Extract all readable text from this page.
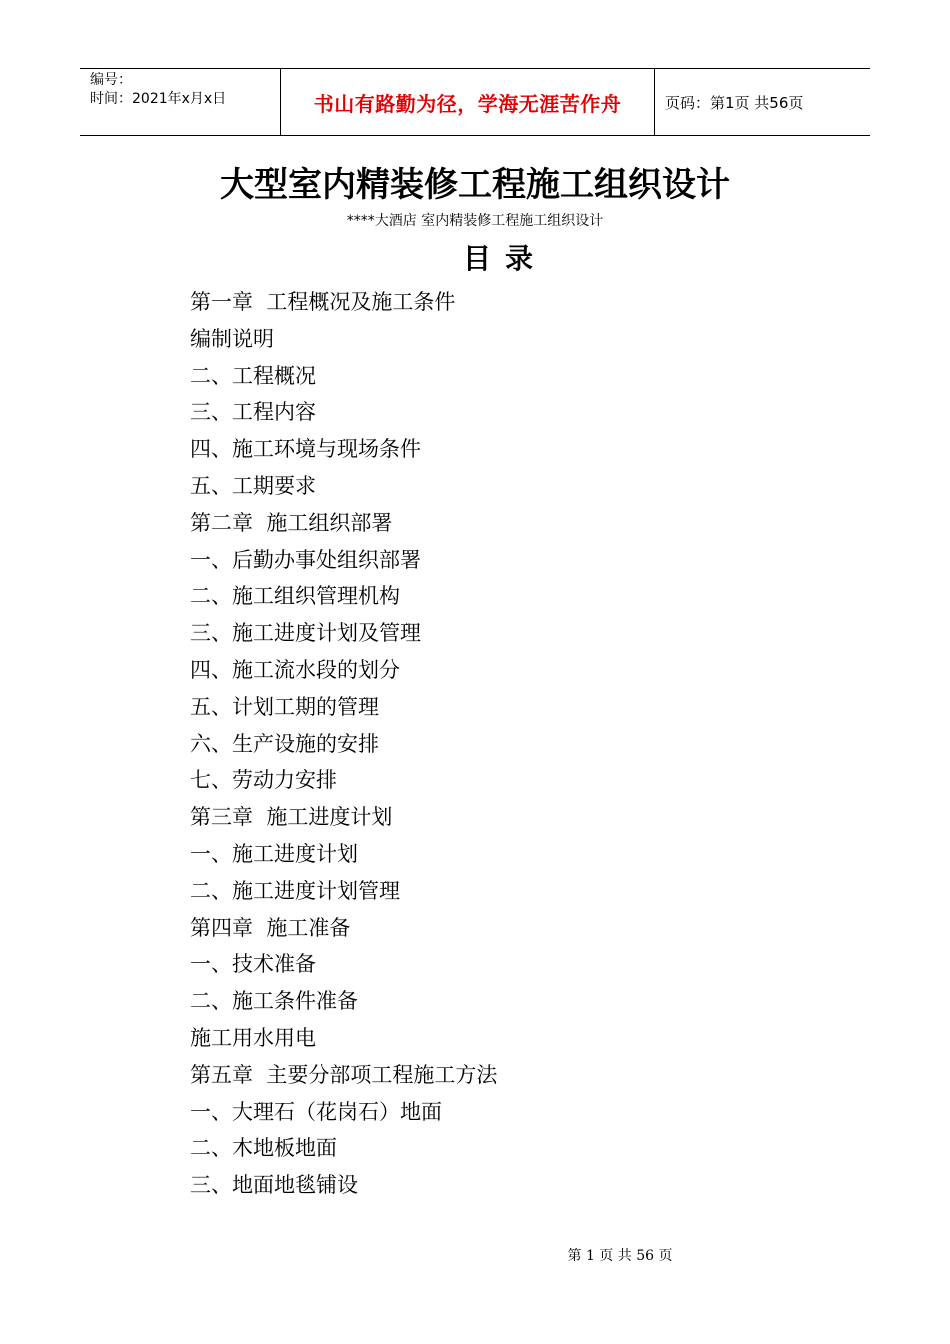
编号：
时间：2021年x月x日	书山有路勤为径，学海无涯苦作舟	页码：第1页 共56页
大型室内精装修工程施工组织设计
****大酒店 室内精装修工程施工组织设计
目录
第一章  工程概况及施工条件
编制说明
二、工程概况
三、工程内容
四、施工环境与现场条件
五、工期要求
第二章  施工组织部署
一、后勤办事处组织部署
二、施工组织管理机构
三、施工进度计划及管理
四、施工流水段的划分
五、计划工期的管理
六、生产设施的安排
七、劳动力安排
第三章  施工进度计划
一、施工进度计划
二、施工进度计划管理
第四章  施工准备
一、技术准备
二、施工条件准备
施工用水用电
第五章  主要分部项工程施工方法
一、大理石（花岗石）地面
二、木地板地面
三、地面地毯铺设
第 1 页 共 56 页
